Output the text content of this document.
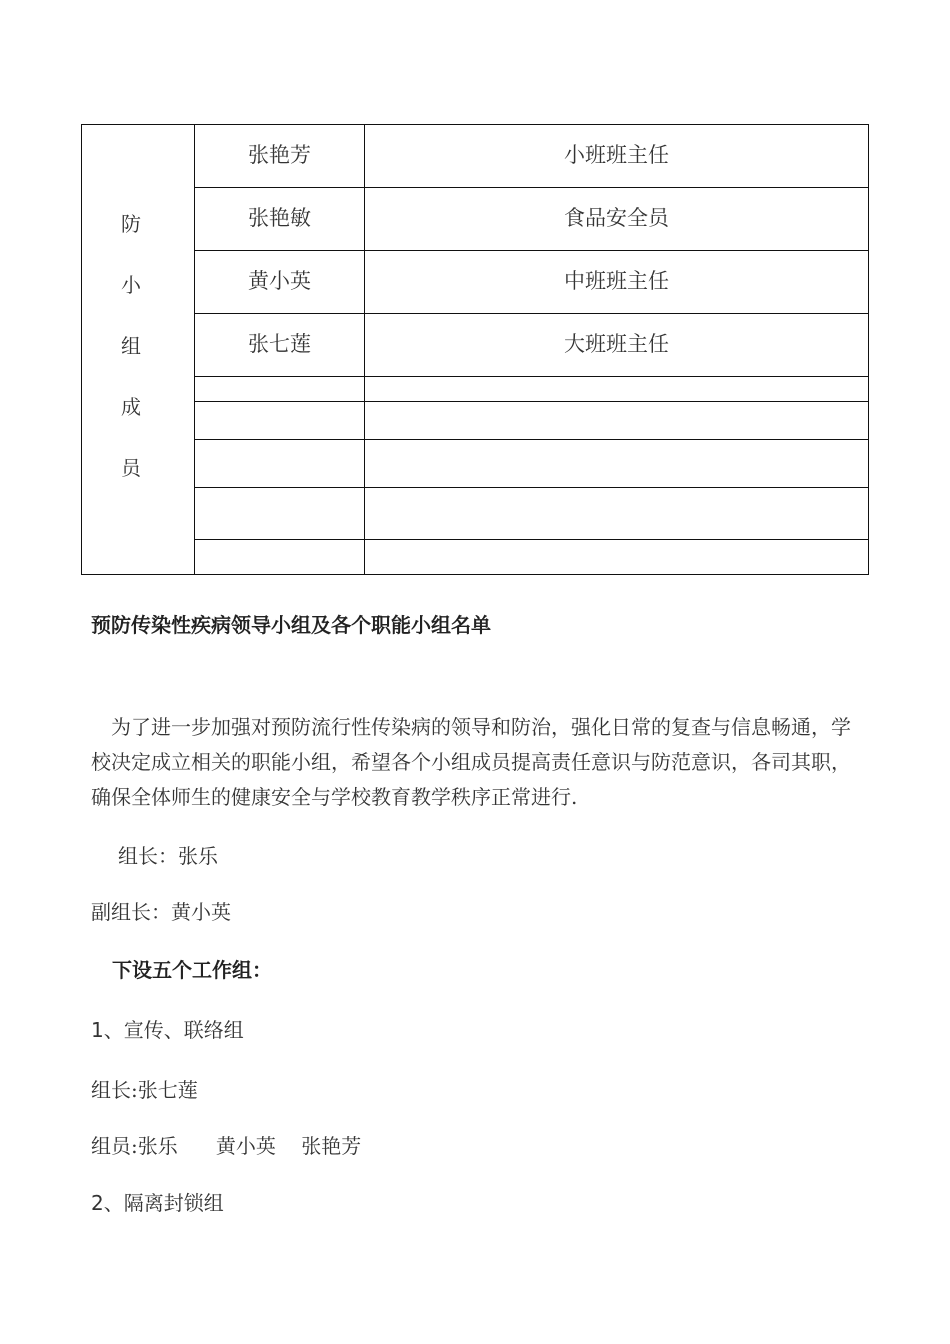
防
小
组
成
员	张艳芳	小班班主任

	张艳敏	食品安全员

	黄小英	中班班主任

	张七莲	大班班主任

预防传染性疾病领导小组及各个职能小组名单

为了进一步加强对预防流行性传染病的领导和防治，强化日常的复查与信息畅通，学校决定成立相关的职能小组，希望各个小组成员提高责任意识与防范意识，各司其职，确保全体师生的健康安全与学校教育教学秩序正常进行.

组长：张乐

副组长：黄小英

下设五个工作组：

1、宣传、联络组

组长:张七莲

组员:张乐      黄小英    张艳芳

2、隔离封锁组
